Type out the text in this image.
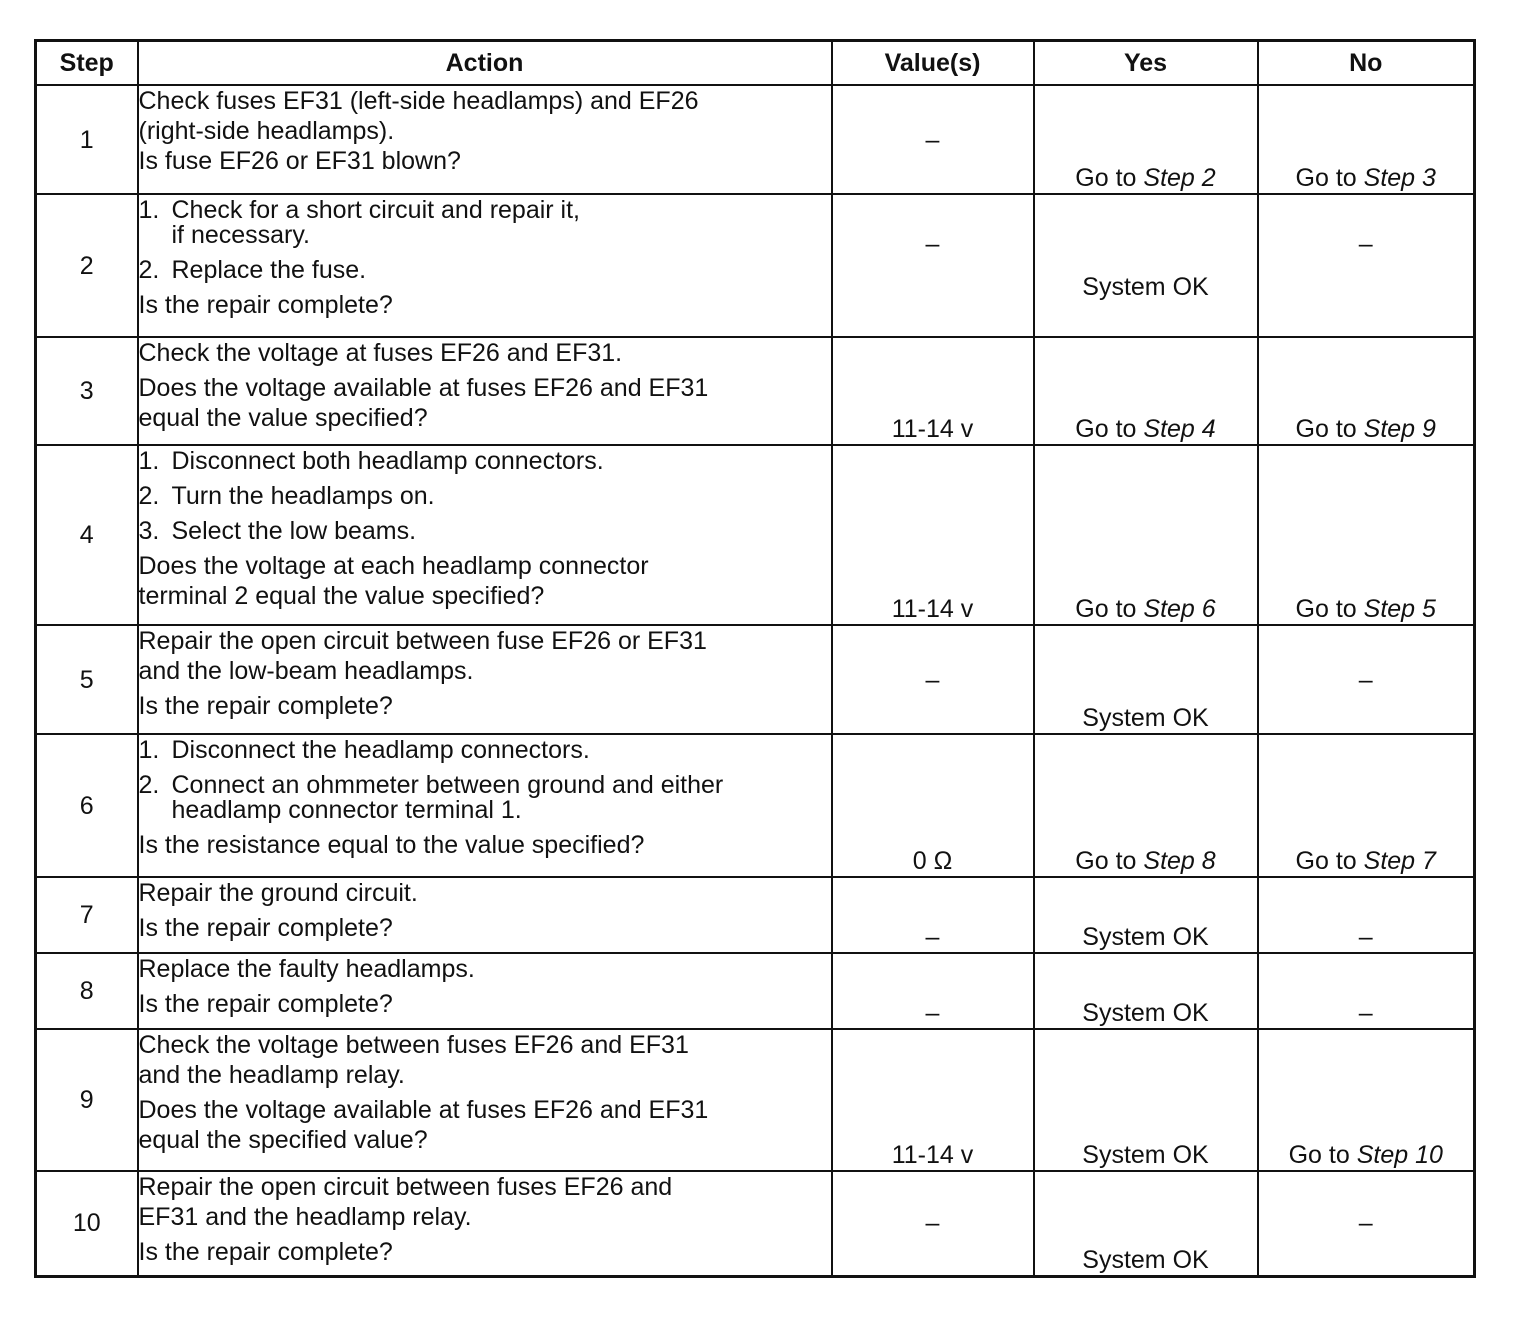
Step	Action	Value(s)	Yes	No
1	Check fuses EF31 (left-side headlamps) and EF26
(right-side headlamps).
Is fuse EF26 or EF31 blown?	–	Go to Step 2	Go to Step 3
2	1. Check for a short circuit and repair it,
if necessary.
2. Replace the fuse.
Is the repair complete?	–	System OK	–
3	Check the voltage at fuses EF26 and EF31.
Does the voltage available at fuses EF26 and EF31
equal the value specified?	11-14 v	Go to Step 4	Go to Step 9
4	1. Disconnect both headlamp connectors.
2. Turn the headlamps on.
3. Select the low beams.
Does the voltage at each headlamp connector
terminal 2 equal the value specified?	11-14 v	Go to Step 6	Go to Step 5
5	Repair the open circuit between fuse EF26 or EF31
and the low-beam headlamps.
Is the repair complete?	–	System OK	–
6	1. Disconnect the headlamp connectors.
2. Connect an ohmmeter between ground and either
headlamp connector terminal 1.
Is the resistance equal to the value specified?	0 Ω	Go to Step 8	Go to Step 7
7	Repair the ground circuit.
Is the repair complete?	–	System OK	–
8	Replace the faulty headlamps.
Is the repair complete?	–	System OK	–
9	Check the voltage between fuses EF26 and EF31
and the headlamp relay.
Does the voltage available at fuses EF26 and EF31
equal the specified value?	11-14 v	System OK	Go to Step 10
10	Repair the open circuit between fuses EF26 and
EF31 and the headlamp relay.
Is the repair complete?	–	System OK	–
